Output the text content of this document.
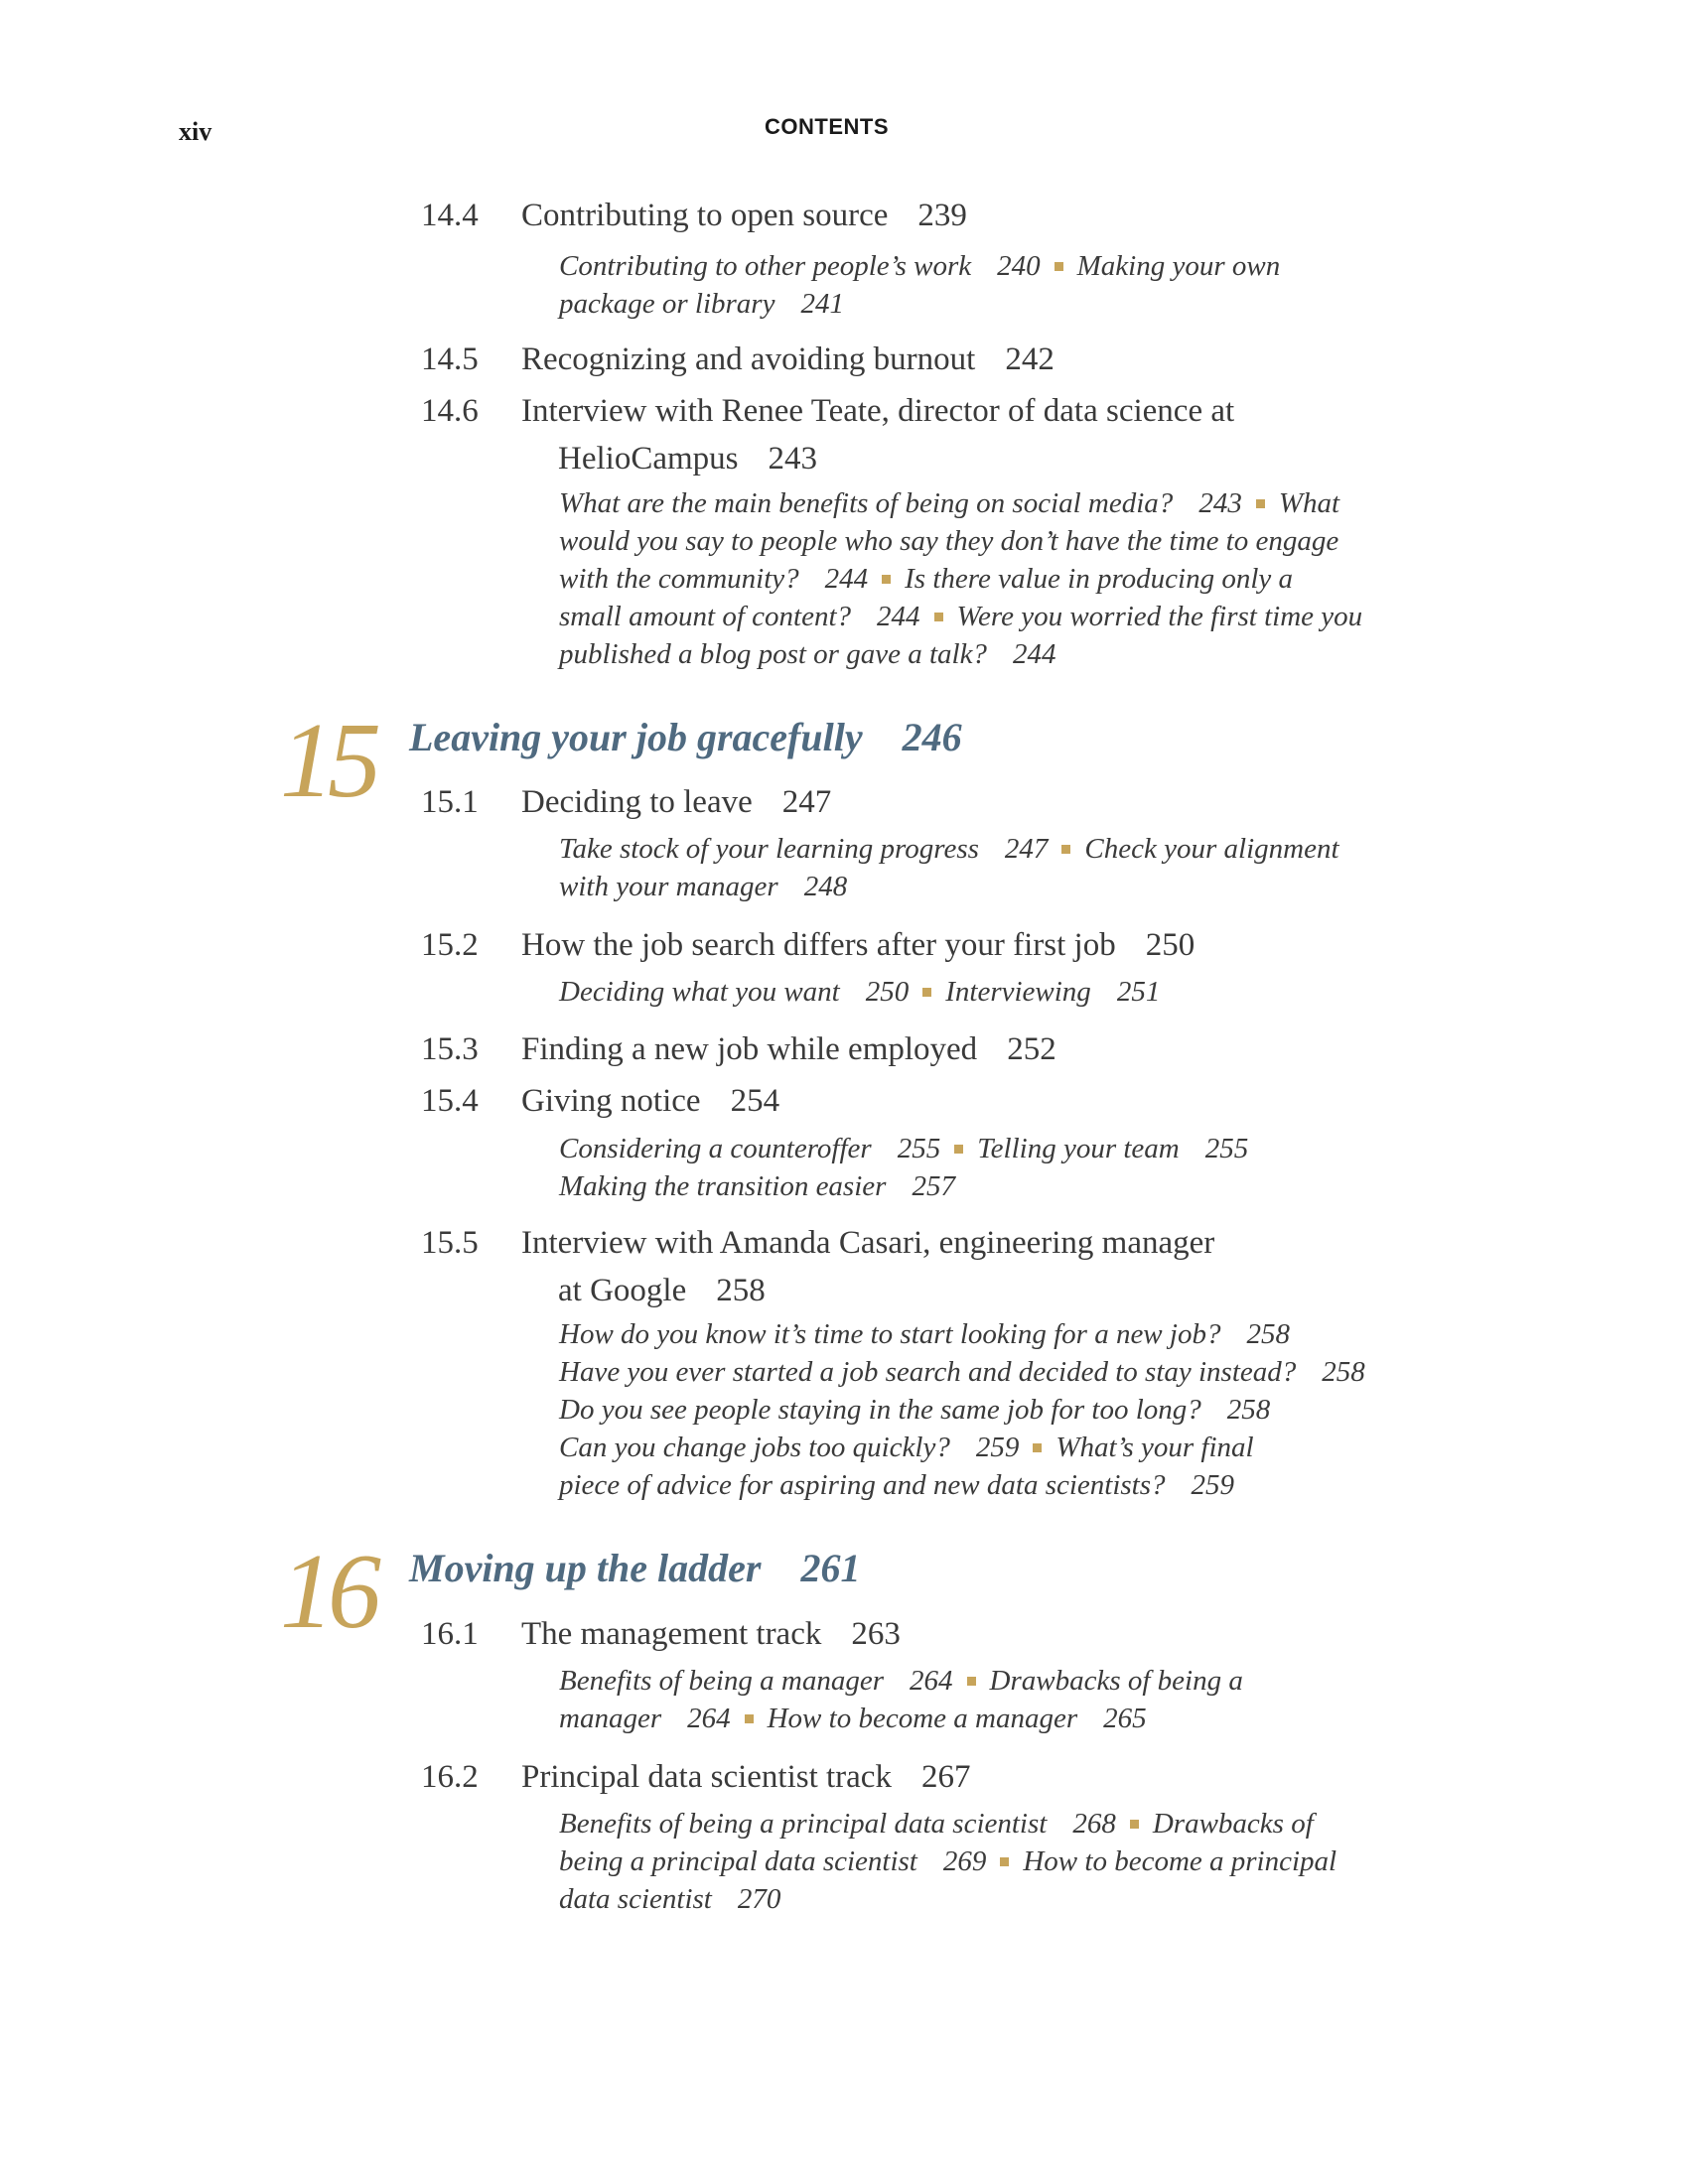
xiv	CONTENTS
14.4 Contributing to open source 239
Contributing to other people’s work 240 Making your own
package or library 241
14.5 Recognizing and avoiding burnout 242
14.6 Interview with Renee Teate, director of data science at
HelioCampus 243
What are the main benefits of being on social media? 243 What
would you say to people who say they don’t have the time to engage
with the community? 244 Is there value in producing only a
small amount of content? 244 Were you worried the first time you
published a blog post or gave a talk? 244
15 Leaving your job gracefully 246
15.1 Deciding to leave 247
Take stock of your learning progress 247 Check your alignment
with your manager 248
15.2 How the job search differs after your first job 250
Deciding what you want 250 Interviewing 251
15.3 Finding a new job while employed 252
15.4 Giving notice 254
Considering a counteroffer 255 Telling your team 255
Making the transition easier 257
15.5 Interview with Amanda Casari, engineering manager
at Google 258
How do you know it’s time to start looking for a new job? 258
Have you ever started a job search and decided to stay instead? 258
Do you see people staying in the same job for too long? 258
Can you change jobs too quickly? 259 What’s your final
piece of advice for aspiring and new data scientists? 259
16 Moving up the ladder 261
16.1 The management track 263
Benefits of being a manager 264 Drawbacks of being a
manager 264 How to become a manager 265
16.2 Principal data scientist track 267
Benefits of being a principal data scientist 268 Drawbacks of
being a principal data scientist 269 How to become a principal
data scientist 270
